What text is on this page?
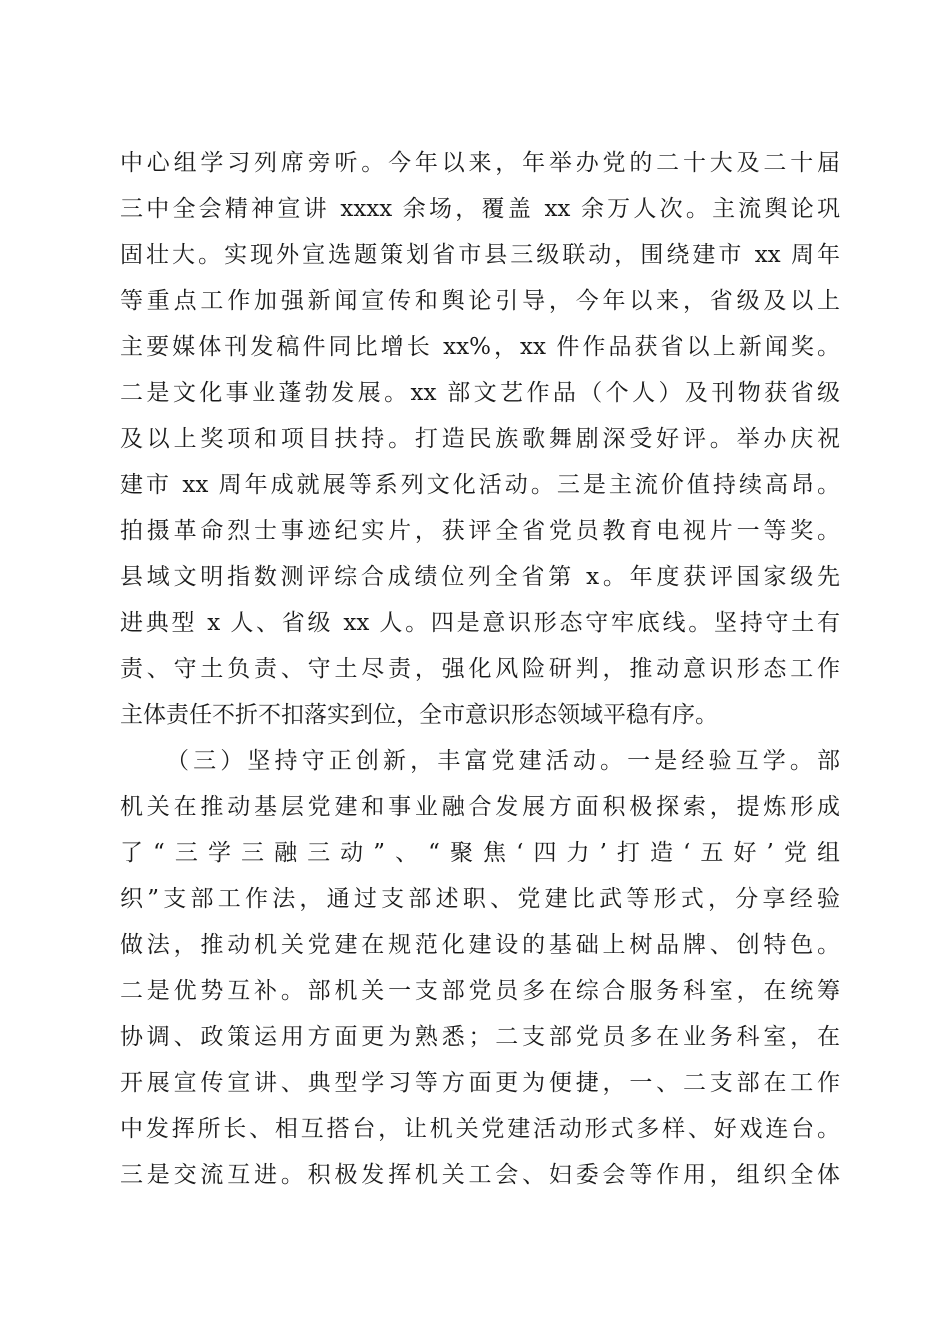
中心组学习列席旁听。今年以来，年举办党的二十大及二十届
三中全会精神宣讲 xxxx 余场，覆盖 xx 余万人次。主流舆论巩
固壮大。实现外宣选题策划省市县三级联动，围绕建市 xx 周年
等重点工作加强新闻宣传和舆论引导，今年以来，省级及以上
主要媒体刊发稿件同比增长 xx%，xx 件作品获省以上新闻奖。
二是文化事业蓬勃发展。xx 部文艺作品（个人）及刊物获省级
及以上奖项和项目扶持。打造民族歌舞剧深受好评。举办庆祝
建市 xx 周年成就展等系列文化活动。三是主流价值持续高昂。
拍摄革命烈士事迹纪实片，获评全省党员教育电视片一等奖。
县域文明指数测评综合成绩位列全省第 x。年度获评国家级先
进典型 x 人、省级 xx 人。四是意识形态守牢底线。坚持守土有
责、守土负责、守土尽责，强化风险研判，推动意识形态工作
主体责任不折不扣落实到位，全市意识形态领域平稳有序。
（三）坚持守正创新，丰富党建活动。一是经验互学。部
机关在推动基层党建和事业融合发展方面积极探索，提炼形成
了“三学三融三动”、“聚焦‘四力’打造‘五好’党组
织”支部工作法，通过支部述职、党建比武等形式，分享经验
做法，推动机关党建在规范化建设的基础上树品牌、创特色。
二是优势互补。部机关一支部党员多在综合服务科室，在统筹
协调、政策运用方面更为熟悉；二支部党员多在业务科室，在
开展宣传宣讲、典型学习等方面更为便捷，一、二支部在工作
中发挥所长、相互搭台，让机关党建活动形式多样、好戏连台。
三是交流互进。积极发挥机关工会、妇委会等作用，组织全体
